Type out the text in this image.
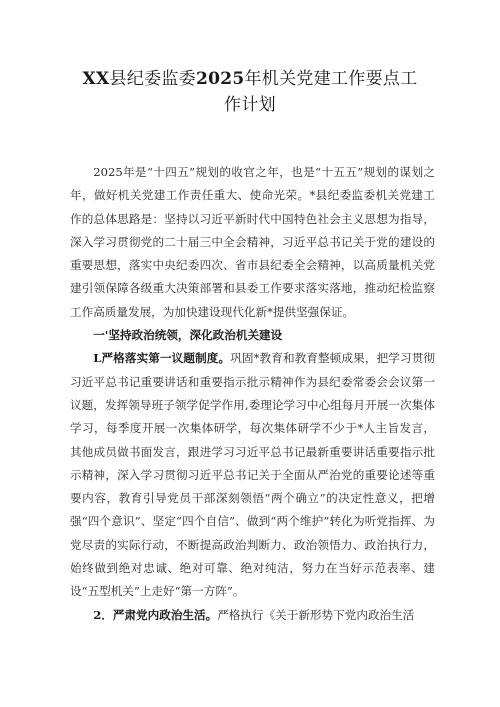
XX县纪委监委2025年机关党建工作要点工
作计划

2025年是“十四五”规划的收官之年，也是“十五五”规划的谋划之年，做好机关党建工作责任重大、使命光荣。*县纪委监委机关党建工作的总体思路是：坚持以习近平新时代中国特色社会主义思想为指导，深入学习贯彻党的二十届三中全会精神，习近平总书记关于党的建设的重要思想，落实中央纪委四次、省市县纪委全会精神，以高质量机关党建引领保障各级重大决策部署和县委工作要求落实落地，推动纪检监察工作高质量发展，为加快建设现代化新*提供坚强保证。

一'坚持政治统领，深化政治机关建设

L严格落实第一议题制度。巩固*教育和教育整顿成果，把学习贯彻习近平总书记重要讲话和重要指示批示精神作为县纪委常委会会议第一议题，发挥领导班子领学促学作用,委理论学习中心组每月开展一次集体学习，每季度开展一次集体研学，每次集体研学不少于*人主旨发言，其他成员做书面发言，跟进学习习近平总书记最新重要讲话重要指示批示精神，深入学习贯彻习近平总书记关于全面从严治党的重要论述等重要内容，教育引导党员干部深刻领悟“两个确立”的决定性意义，把增强“四个意识”、坚定“四个自信”、做到“两个维护”转化为听党指挥、为党尽责的实际行动，不断提高政治判断力、政治领悟力、政治执行力，始终做到绝对忠诚、绝对可靠、绝对纯洁，努力在当好示范表率、建设“五型机关”上走好“第一方阵”。

2．严肃党内政治生活。严格执行《关于新形势下党内政治生活
